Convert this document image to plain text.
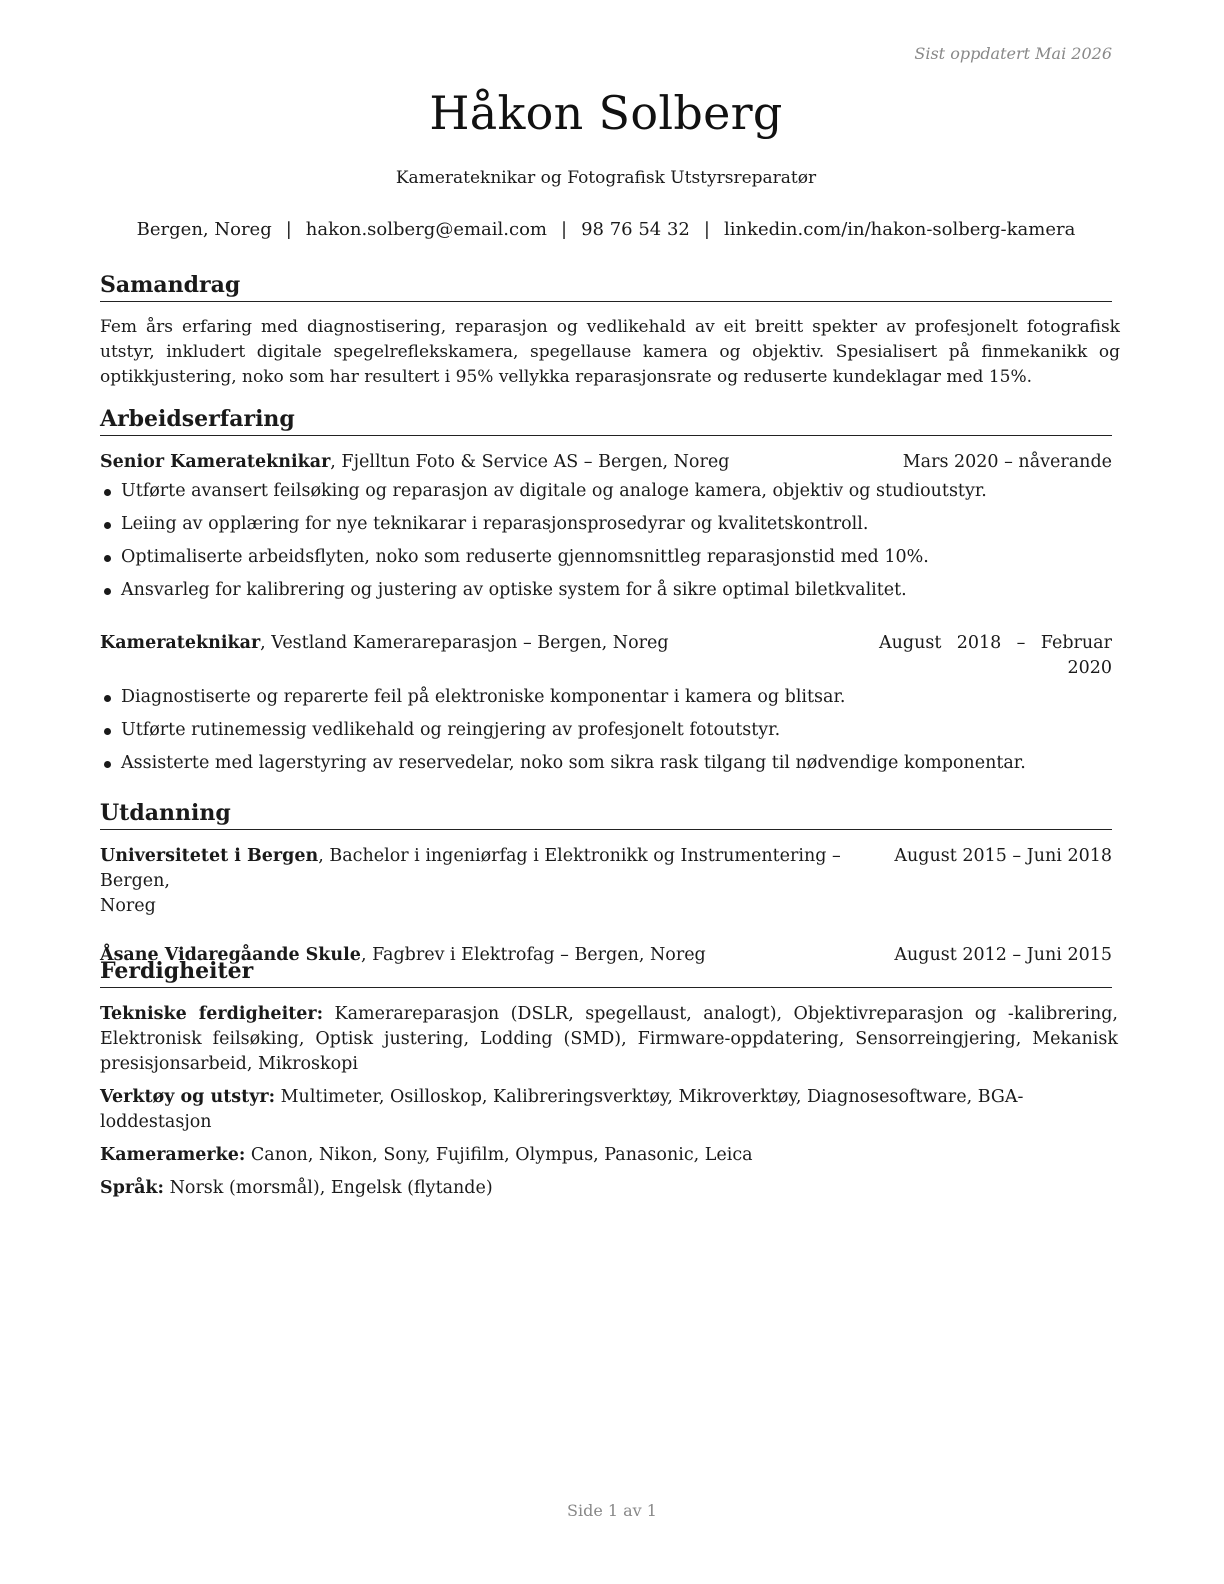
Sist oppdatert Mai 2026
Håkon Solberg
Kamerateknikar og Fotografisk Utstyrsreparatør
Bergen, Noreg | hakon.solberg@email.com | 98 76 54 32 | linkedin.com/in/hakon-solberg-kamera
Samandrag
Fem års erfaring med diagnostisering, reparasjon og vedlikehald av eit breitt spekter av profesjonelt fotografisk utstyr, inkludert digitale spegelreflekskamera, spegellause kamera og objektiv. Spesialisert på finmekanikk og optikkjustering, noko som har resultert i 95% vellykka reparasjonsrate og reduserte kundeklagar med 15%.
Arbeidserfaring
Senior Kamerateknikar, Fjelltun Foto & Service AS – Bergen, Noreg	Mars 2020 – nåverande
Utførte avansert feilsøking og reparasjon av digitale og analoge kamera, objektiv og studioutstyr.
Leiing av opplæring for nye teknikarar i reparasjonsprosedyrar og kvalitetskontroll.
Optimaliserte arbeidsflyten, noko som reduserte gjennomsnittleg reparasjonstid med 10%.
Ansvarleg for kalibrering og justering av optiske system for å sikre optimal biletkvalitet.
Kamerateknikar, Vestland Kamerareparasjon – Bergen, Noreg	August 2018 – Februar

2020
Diagnostiserte og reparerte feil på elektroniske komponentar i kamera og blitsar.
Utførte rutinemessig vedlikehald og reingjering av profesjonelt fotoutstyr.
Assisterte med lagerstyring av reservedelar, noko som sikra rask tilgang til nødvendige komponentar.
Utdanning
Universitetet i Bergen, Bachelor i ingeniørfag i Elektronikk og Instrumentering – Bergen,
Noreg
August 2015 – Juni 2018
Åsane Vidaregåande Skule, Fagbrev i Elektrofag – Bergen, Noreg	August 2012 – Juni 2015
Ferdigheiter
Tekniske ferdigheiter: Kamerareparasjon (DSLR, spegellaust, analogt), Objektivreparasjon og -kalibrering, Elektronisk feilsøking, Optisk justering, Lodding (SMD), Firmware-oppdatering, Sensorreingjering, Mekanisk presisjonsarbeid, Mikroskopi
Verktøy og utstyr: Multimeter, Osilloskop, Kalibreringsverktøy, Mikroverktøy, Diagnosesoftware, BGA-loddestasjon
Kameramerke: Canon, Nikon, Sony, Fujifilm, Olympus, Panasonic, Leica
Språk: Norsk (morsmål), Engelsk (flytande)
Side 1 av 1
